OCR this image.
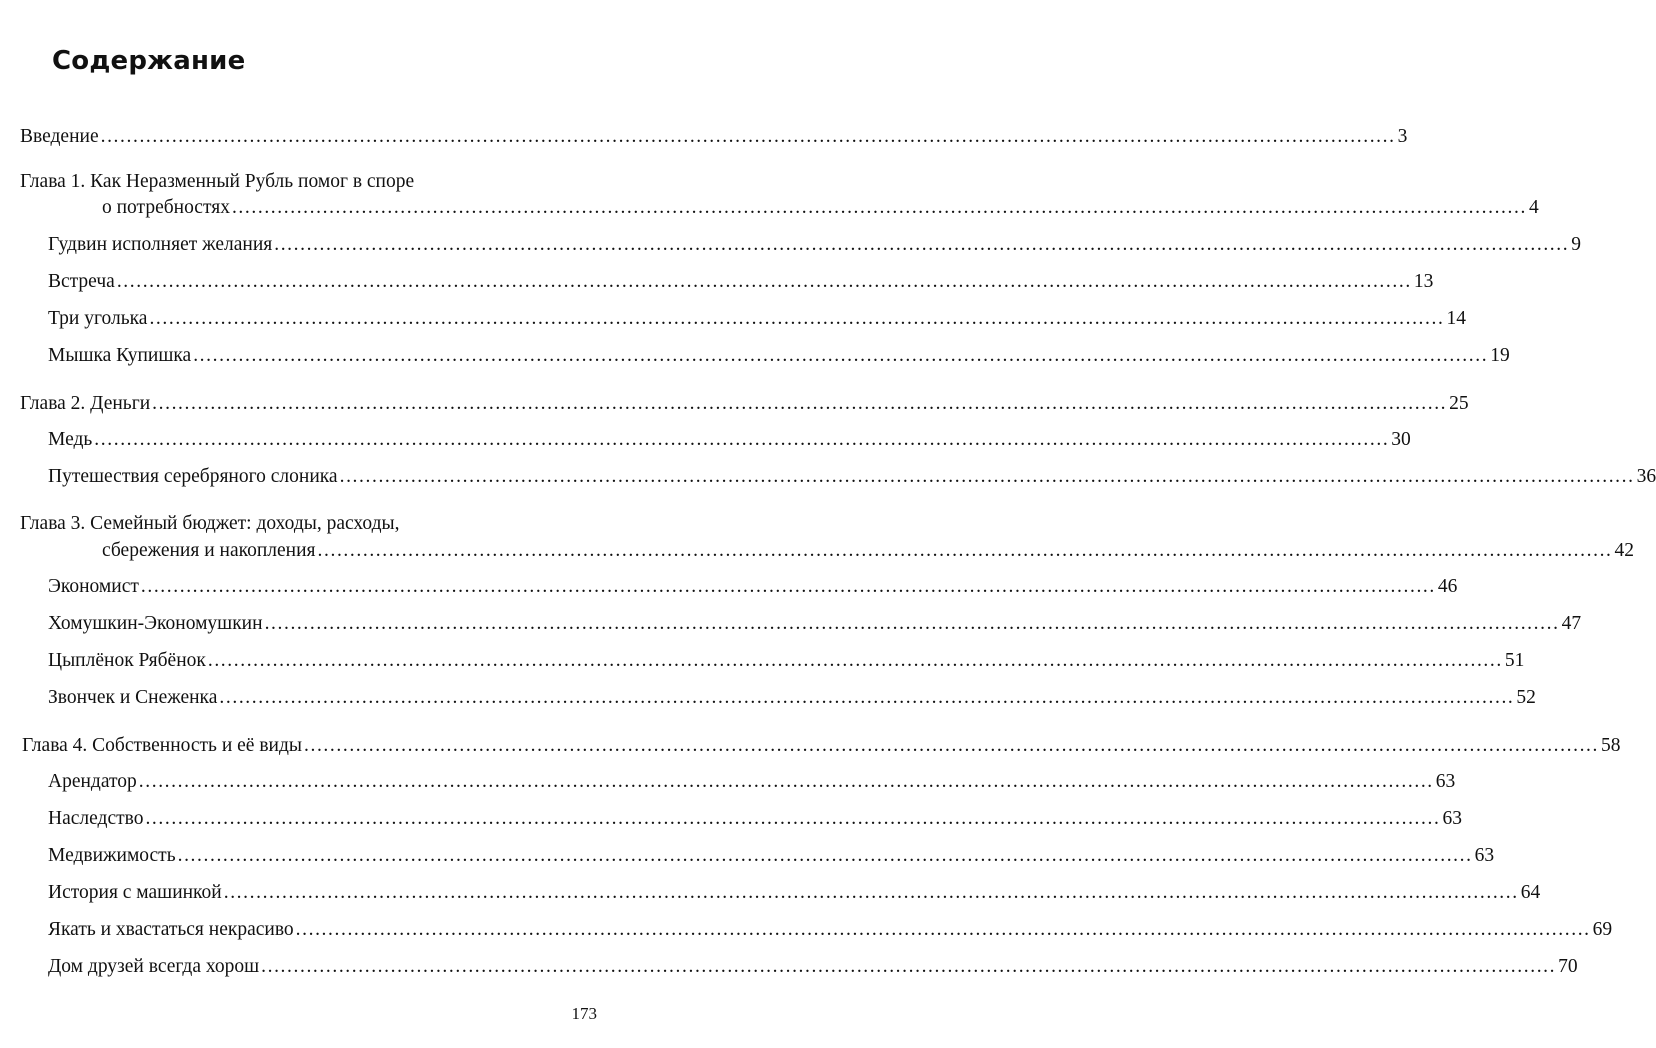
Содержание
Введение ........................................................................................................................................................................................................ 3
Глава 1. Как Неразменный Рубль помог в споре
о потребностях ........................................................................................................................................................................................................ 4
Гудвин исполняет желания ........................................................................................................................................................................................................ 9
Встреча ........................................................................................................................................................................................................ 13
Три уголька ........................................................................................................................................................................................................ 14
Мышка Купишка ........................................................................................................................................................................................................ 19
Глава 2. Деньги ........................................................................................................................................................................................................ 25
Медь ........................................................................................................................................................................................................ 30
Путешествия серебряного слоника ........................................................................................................................................................................................................ 36
Глава 3. Семейный бюджет: доходы, расходы,
сбережения и накопления ........................................................................................................................................................................................................ 42
Экономист ........................................................................................................................................................................................................ 46
Хомушкин-Экономушкин ........................................................................................................................................................................................................ 47
Цыплёнок Рябёнок ........................................................................................................................................................................................................ 51
Звончек и Снеженка ........................................................................................................................................................................................................ 52
Глава 4. Собственность и её виды ........................................................................................................................................................................................................ 58
Арендатор ........................................................................................................................................................................................................ 63
Наследство ........................................................................................................................................................................................................ 63
Медвижимость ........................................................................................................................................................................................................ 63
История с машинкой ........................................................................................................................................................................................................ 64
Якать и хвастаться некрасиво ........................................................................................................................................................................................................ 69
Дом друзей всегда хорош ........................................................................................................................................................................................................ 70
173
